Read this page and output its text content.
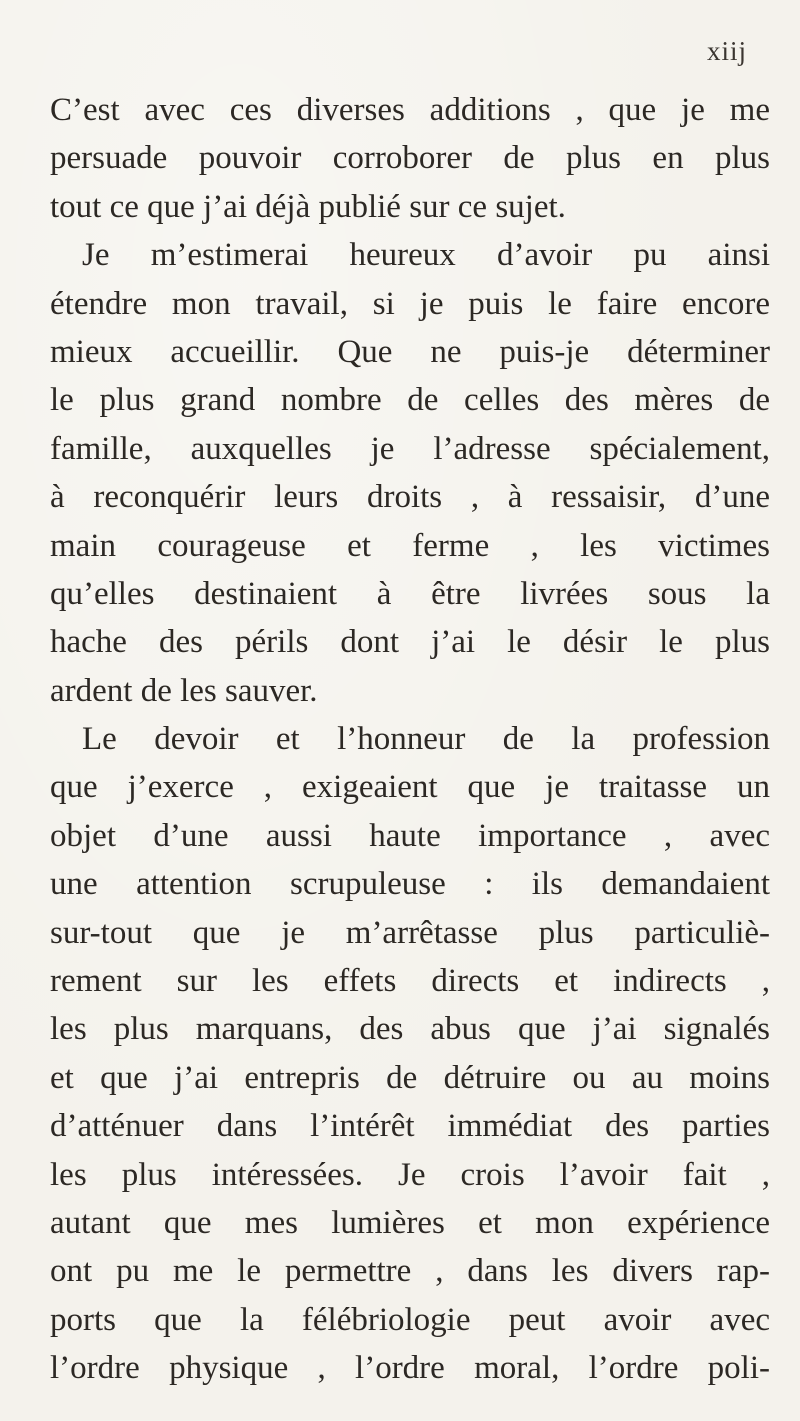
xiij
C’est avec ces diverses additions , que je me
persuade pouvoir corroborer de plus en plus
tout ce que j’ai déjà publié sur ce sujet.
Je m’estimerai heureux d’avoir pu ainsi
étendre mon travail, si je puis le faire encore
mieux accueillir. Que ne puis-je déterminer
le plus grand nombre de celles des mères de
famille, auxquelles je l’adresse spécialement,
à reconquérir leurs droits , à ressaisir, d’une
main courageuse et ferme , les victimes
qu’elles destinaient à être livrées sous la
hache des périls dont j’ai le désir le plus
ardent de les sauver.
Le devoir et l’honneur de la profession
que j’exerce , exigeaient que je traitasse un
objet d’une aussi haute importance , avec
une attention scrupuleuse : ils demandaient
sur-tout que je m’arrêtasse plus particuliè-
rement sur les effets directs et indirects ,
les plus marquans, des abus que j’ai signalés
et que j’ai entrepris de détruire ou au moins
d’atténuer dans l’intérêt immédiat des parties
les plus intéressées. Je crois l’avoir fait ,
autant que mes lumières et mon expérience
ont pu me le permettre , dans les divers rap-
ports que la félébriologie peut avoir avec
l’ordre physique , l’ordre moral, l’ordre poli-
